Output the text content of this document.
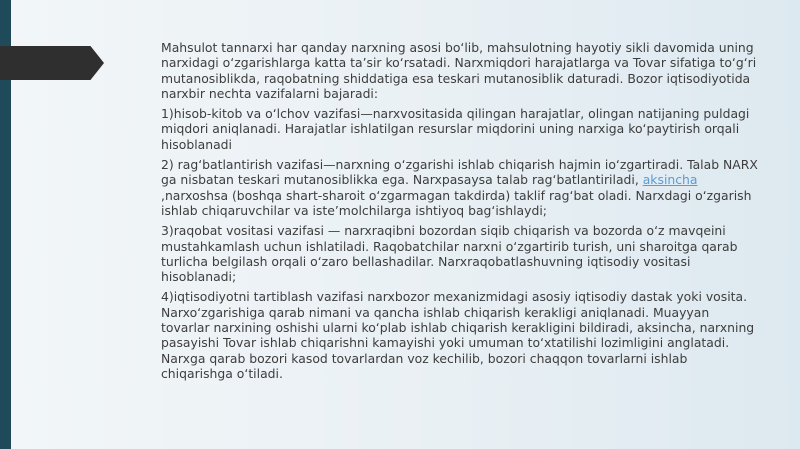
Mahsulot tannarxi har qanday narxning asosi bo‘lib, mahsulotning hayotiy sikli davomida uning narxidagi o‘zgarishlarga katta ta’sir ko‘rsatadi. Narxmiqdori harajatlarga va Tovar sifatiga to‘g‘ri mutanosiblikda, raqobatning shiddatiga esa teskari mutanosiblik daturadi. Bozor iqtisodiyotida narxbir nechta vazifalarni bajaradi:

1)hisob-kitob va o‘lchov vazifasi—narxvositasida qilingan harajatlar, olingan natijaning puldagi miqdori aniqlanadi. Harajatlar ishlatilgan resurslar miqdorini uning narxiga ko‘paytirish orqali hisoblanadi

2) rag‘batlantirish vazifasi—narxning o‘zgarishi ishlab chiqarish hajmin io‘zgartiradi. Talab NARX ga nisbatan teskari mutanosiblikka ega. Narxpasaysa talab rag‘batlantiriladi, aksincha ,narxoshsa (boshqa shart-sharoit o‘zgarmagan takdirda) taklif rag‘bat oladi. Narxdagi o‘zgarish ishlab chiqaruvchilar va iste’molchilarga ishtiyoq bag‘ishlaydi;

3)raqobat vositasi vazifasi — narxraqibni bozordan siqib chiqarish va bozorda o‘z mavqeini mustahkamlash uchun ishlatiladi. Raqobatchilar narxni o‘zgartirib turish, uni sharoitga qarab turlicha belgilash orqali o‘zaro bellashadilar. Narxraqobatlashuvning iqtisodiy vositasi hisoblanadi;

4)iqtisodiyotni tartiblash vazifasi narxbozor mexanizmidagi asosiy iqtisodiy dastak yoki vosita. Narxo‘zgarishiga qarab nimani va qancha ishlab chiqarish kerakligi aniqlanadi. Muayyan tovarlar narxining oshishi ularni ko‘plab ishlab chiqarish kerakligini bildiradi, aksincha, narxning pasayishi Tovar ishlab chiqarishni kamayishi yoki umuman to‘xtatilishi lozimligini anglatadi. Narxga qarab bozori kasod tovarlardan voz kechilib, bozori chaqqon tovarlarni ishlab chiqarishga o‘tiladi.
